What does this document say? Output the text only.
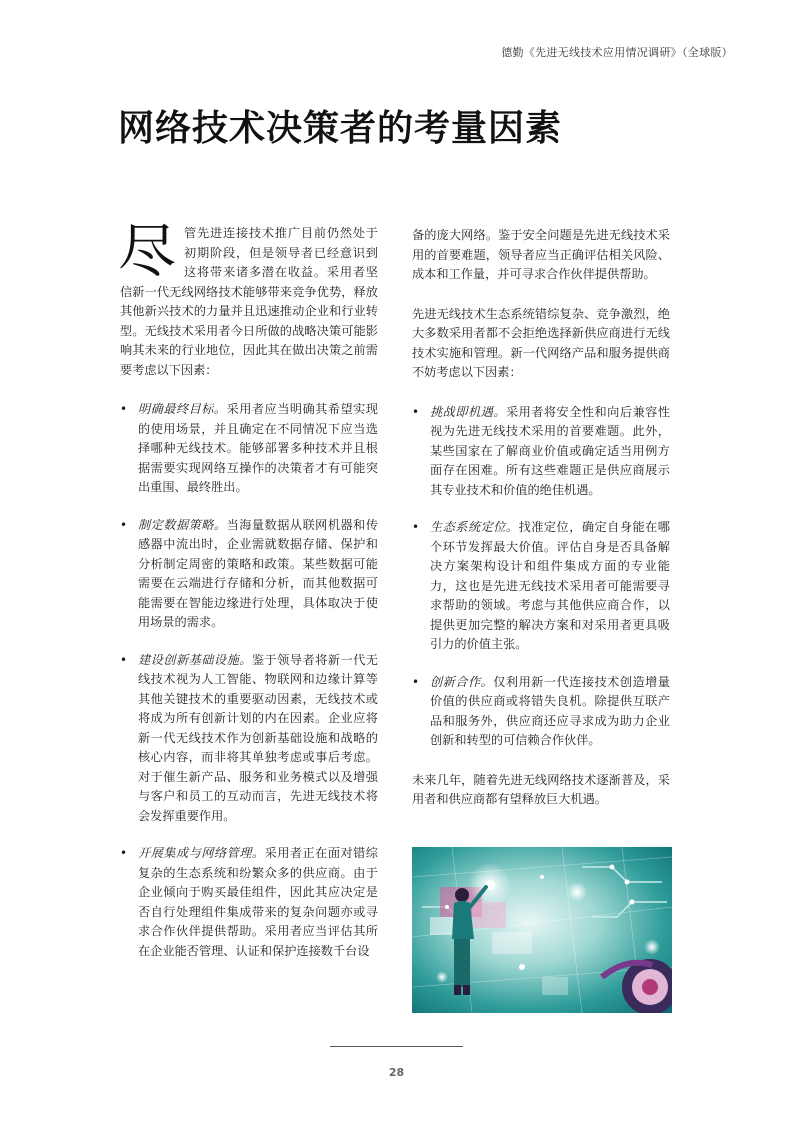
德勤《先进无线技术应用情况调研》（全球版）
网络技术决策者的考量因素

尽管先进连接技术推广目前仍然处于初期阶段，但是领导者已经意识到这将带来诸多潜在收益。采用者坚信新一代无线网络技术能够带来竞争优势，释放其他新兴技术的力量并且迅速推动企业和行业转型。无线技术采用者今日所做的战略决策可能影响其未来的行业地位，因此其在做出决策之前需要考虑以下因素：

• 明确最终目标。采用者应当明确其希望实现的使用场景，并且确定在不同情况下应当选择哪种无线技术。能够部署多种技术并且根据需要实现网络互操作的决策者才有可能突出重围、最终胜出。
• 制定数据策略。当海量数据从联网机器和传感器中流出时，企业需就数据存储、保护和分析制定周密的策略和政策。某些数据可能需要在云端进行存储和分析，而其他数据可能需要在智能边缘进行处理，具体取决于使用场景的需求。
• 建设创新基础设施。鉴于领导者将新一代无线技术视为人工智能、物联网和边缘计算等其他关键技术的重要驱动因素，无线技术或将成为所有创新计划的内在因素。企业应将新一代无线技术作为创新基础设施和战略的核心内容，而非将其单独考虑或事后考虑。对于催生新产品、服务和业务模式以及增强与客户和员工的互动而言，先进无线技术将会发挥重要作用。
• 开展集成与网络管理。采用者正在面对错综复杂的生态系统和纷繁众多的供应商。由于企业倾向于购买最佳组件，因此其应决定是否自行处理组件集成带来的复杂问题亦或寻求合作伙伴提供帮助。采用者应当评估其所在企业能否管理、认证和保护连接数千台设

备的庞大网络。鉴于安全问题是先进无线技术采用的首要难题，领导者应当正确评估相关风险、成本和工作量，并可寻求合作伙伴提供帮助。

先进无线技术生态系统错综复杂、竞争激烈，绝大多数采用者都不会拒绝选择新供应商进行无线技术实施和管理。新一代网络产品和服务提供商不妨考虑以下因素：

• 挑战即机遇。采用者将安全性和向后兼容性视为先进无线技术采用的首要难题。此外，某些国家在了解商业价值或确定适当用例方面存在困难。所有这些难题正是供应商展示其专业技术和价值的绝佳机遇。
• 生态系统定位。找准定位，确定自身能在哪个环节发挥最大价值。评估自身是否具备解决方案架构设计和组件集成方面的专业能力，这也是先进无线技术采用者可能需要寻求帮助的领域。考虑与其他供应商合作，以提供更加完整的解决方案和对采用者更具吸引力的价值主张。
• 创新合作。仅利用新一代连接技术创造增量价值的供应商或将错失良机。除提供互联产品和服务外，供应商还应寻求成为助力企业创新和转型的可信赖合作伙伴。

未来几年，随着先进无线网络技术逐渐普及，采用者和供应商都有望释放巨大机遇。

28
